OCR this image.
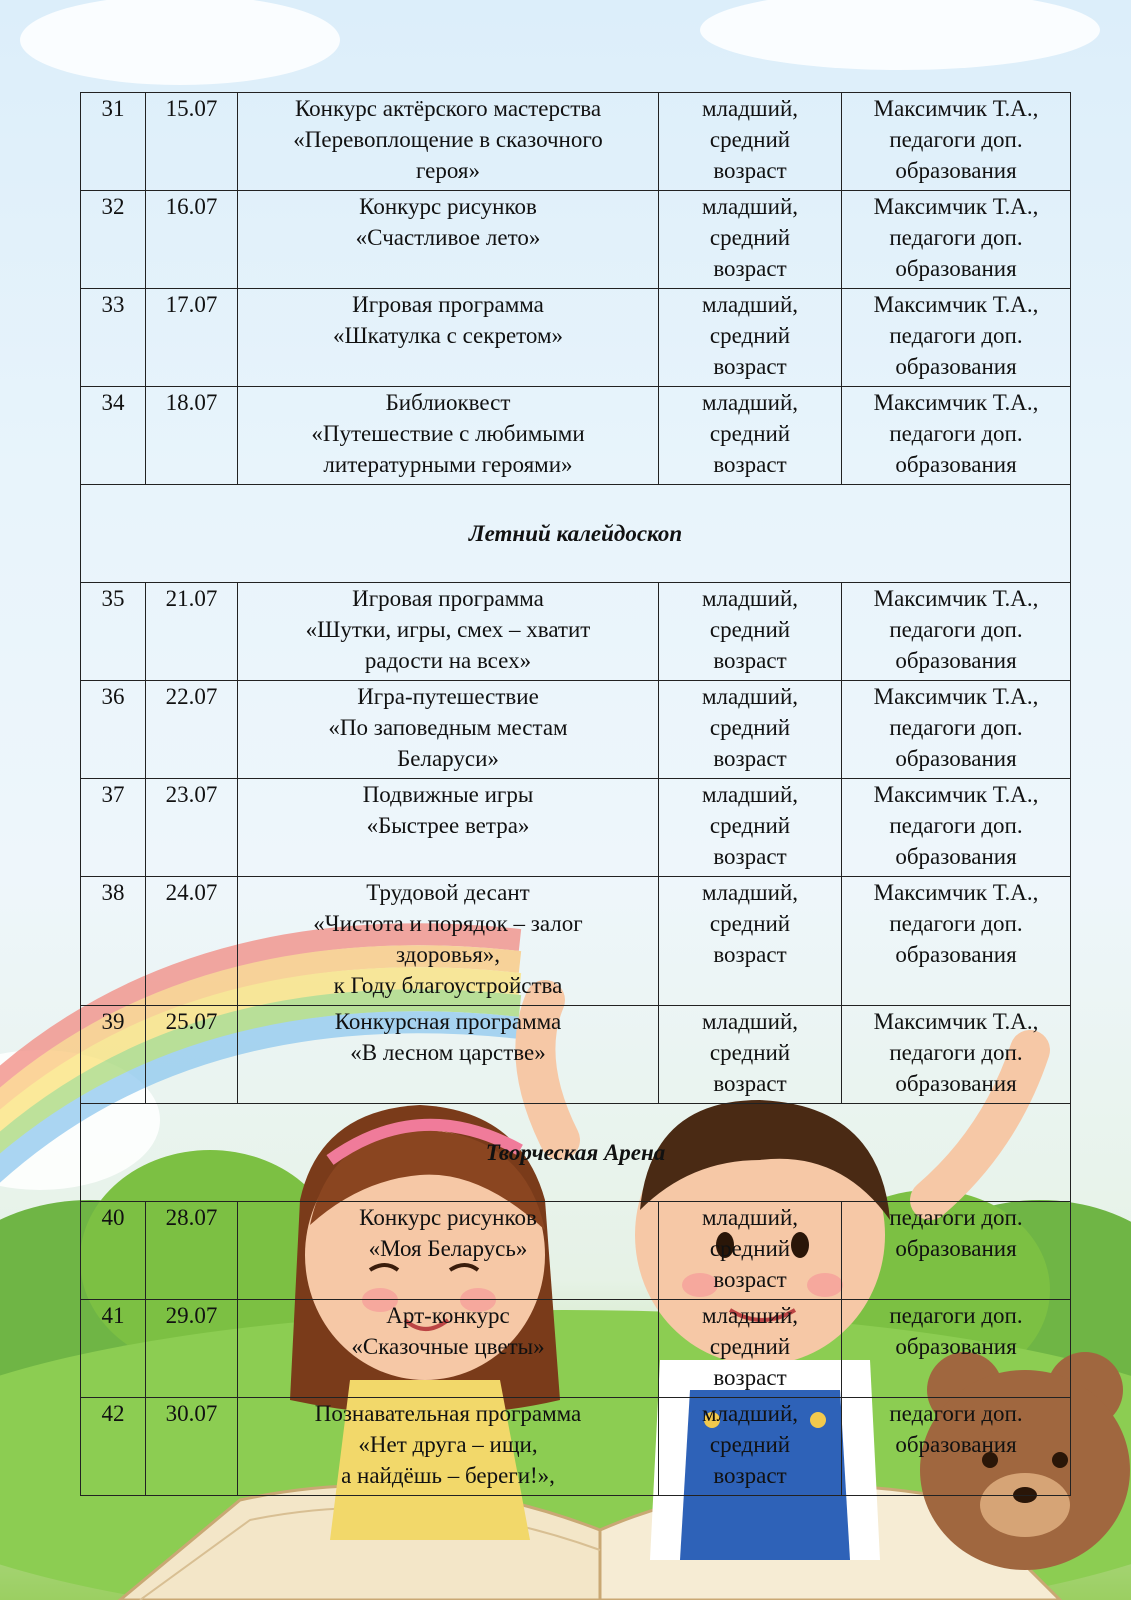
31	15.07	Конкурс актёрского мастерства
«Перевоплощение в сказочного
героя»	младший,
средний
возраст	Максимчик Т.А.,
педагоги доп.
образования

32	16.07	Конкурс рисунков
«Счастливое лето»	младший,
средний
возраст	Максимчик Т.А.,
педагоги доп.
образования

33	17.07	Игровая программа
«Шкатулка с секретом»	младший,
средний
возраст	Максимчик Т.А.,
педагоги доп.
образования

34	18.07	Библиоквест
«Путешествие с любимыми
литературными героями»	младший,
средний
возраст	Максимчик Т.А.,
педагоги доп.
образования

Летний калейдоскоп				
35	21.07	Игровая программа
«Шутки, игры, смех – хватит
радости на всех»	младший,
средний
возраст	Максимчик Т.А.,
педагоги доп.
образования

36	22.07	Игра-путешествие
«По заповедным местам
Беларуси»	младший,
средний
возраст	Максимчик Т.А.,
педагоги доп.
образования

37	23.07	Подвижные игры
«Быстрее ветра»	младший,
средний
возраст	Максимчик Т.А.,
педагоги доп.
образования

38	24.07	Трудовой десант
«Чистота и порядок – залог
здоровья»,
к Году благоустройства	младший,
средний
возраст	Максимчик Т.А.,
педагоги доп.
образования

39	25.07	Конкурсная программа
«В лесном царстве»	младший,
средний
возраст	Максимчик Т.А.,
педагоги доп.
образования

Творческая Арена				
40	28.07	Конкурс рисунков
«Моя Беларусь»	младший,
средний
возраст	педагоги доп.
образования

41	29.07	Арт-конкурс
«Сказочные цветы»	младший,
средний
возраст	педагоги доп.
образования

42	30.07	Познавательная программа
«Нет друга – ищи,
а найдёшь – береги!»,	младший,
средний
возраст	педагоги доп.
образования
